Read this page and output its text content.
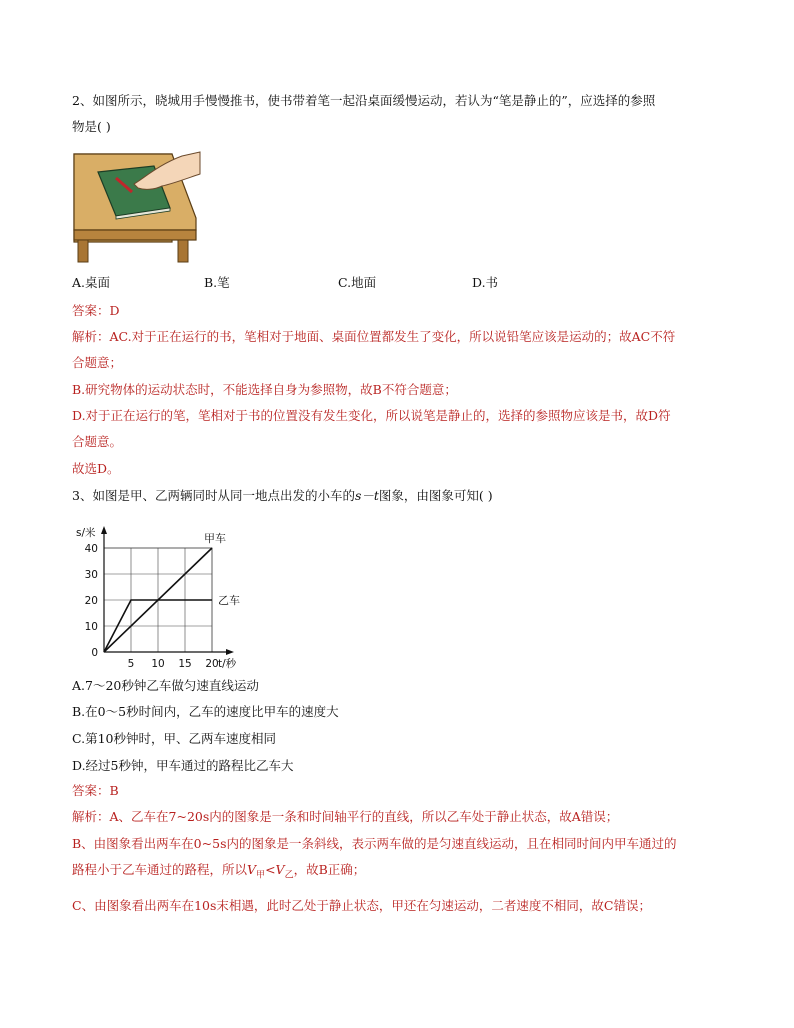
2、如图所示，晓城用手慢慢推书，使书带着笔一起沿桌面缓慢运动，若认为“笔是静止的”，应选择的参照
物是( )
A.桌面	B.笔	C.地面	D.书
答案：D
解析：AC.对于正在运行的书，笔相对于地面、桌面位置都发生了变化，所以说铅笔应该是运动的；故AC不符
合题意；
B.研究物体的运动状态时，不能选择自身为参照物，故B不符合题意；
D.对于正在运行的笔，笔相对于书的位置没有发生变化，所以说笔是静止的，选择的参照物应该是书，故D符
合题意。
故选D。
3、如图是甲、乙两辆同时从同一地点出发的小车的s－t图象，由图象可知( )
0
10
20
30
40
5 10 15 20
s/米
t/秒
甲车
乙车
A.7～20秒钟乙车做匀速直线运动
B.在0～5秒时间内，乙车的速度比甲车的速度大
C.第10秒钟时，甲、乙两车速度相同
D.经过5秒钟，甲车通过的路程比乙车大
答案：B
解析：A、乙车在7~20s内的图象是一条和时间轴平行的直线，所以乙车处于静止状态，故A错误；
B、由图象看出两车在0~5s内的图象是一条斜线，表示两车做的是匀速直线运动，且在相同时间内甲车通过的
路程小于乙车通过的路程，所以$V_甲<V_乙$，故B正确；
C、由图象看出两车在10s末相遇，此时乙处于静止状态，甲还在匀速运动，二者速度不相同，故C错误；
